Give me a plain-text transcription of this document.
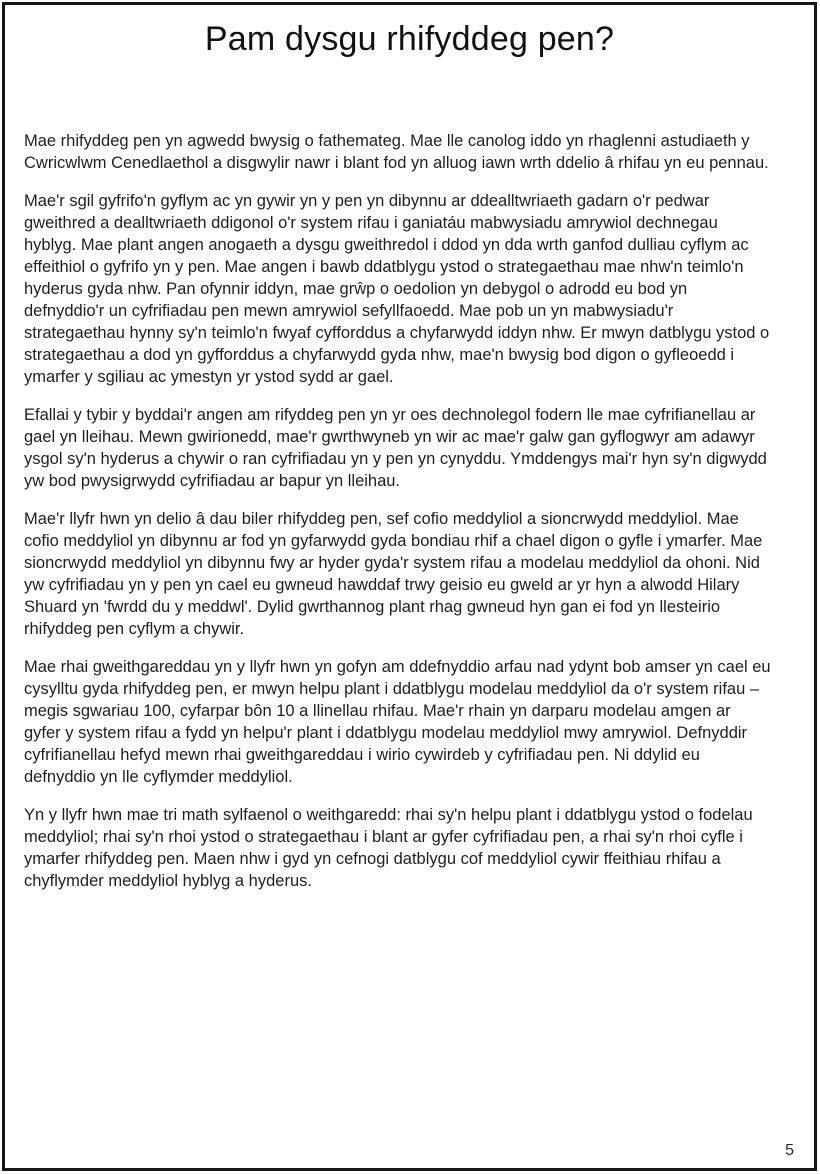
Pam dysgu rhifyddeg pen?

Mae rhifyddeg pen yn agwedd bwysig o fathemateg. Mae lle canolog iddo yn rhaglenni astudiaeth y Cwricwlwm Cenedlaethol a disgwylir nawr i blant fod yn alluog iawn wrth ddelio â rhifau yn eu pennau.

Mae'r sgil gyfrifo'n gyflym ac yn gywir yn y pen yn dibynnu ar ddealltwriaeth gadarn o'r pedwar gweithred a dealltwriaeth ddigonol o'r system rifau i ganiatáu mabwysiadu amrywiol dechnegau hyblyg. Mae plant angen anogaeth a dysgu gweithredol i ddod yn dda wrth ganfod dulliau cyflym ac effeithiol o gyfrifo yn y pen. Mae angen i bawb ddatblygu ystod o strategaethau mae nhw'n teimlo'n hyderus gyda nhw. Pan ofynnir iddyn, mae grŵp o oedolion yn debygol o adrodd eu bod yn defnyddio'r un cyfrifiadau pen mewn amrywiol sefyllfaoedd. Mae pob un yn mabwysiadu'r strategaethau hynny sy'n teimlo'n fwyaf cyfforddus a chyfarwydd iddyn nhw. Er mwyn datblygu ystod o strategaethau a dod yn gyfforddus a chyfarwydd gyda nhw, mae'n bwysig bod digon o gyfleoedd i ymarfer y sgiliau ac ymestyn yr ystod sydd ar gael.

Efallai y tybir y byddai'r angen am rifyddeg pen yn yr oes dechnolegol fodern lle mae cyfrifianellau ar gael yn lleihau. Mewn gwirionedd, mae'r gwrthwyneb yn wir ac mae'r galw gan gyflogwyr am adawyr ysgol sy'n hyderus a chywir o ran cyfrifiadau yn y pen yn cynyddu. Ymddengys mai'r hyn sy'n digwydd yw bod pwysigrwydd cyfrifiadau ar bapur yn lleihau.

Mae'r llyfr hwn yn delio â dau biler rhifyddeg pen, sef cofio meddyliol a sioncrwydd meddyliol. Mae cofio meddyliol yn dibynnu ar fod yn gyfarwydd gyda bondiau rhif a chael digon o gyfle i ymarfer. Mae sioncrwydd meddyliol yn dibynnu fwy ar hyder gyda'r system rifau a modelau meddyliol da ohoni. Nid yw cyfrifiadau yn y pen yn cael eu gwneud hawddaf trwy geisio eu gweld ar yr hyn a alwodd Hilary Shuard yn 'fwrdd du y meddwl'. Dylid gwrthannog plant rhag gwneud hyn gan ei fod yn llesteirio rhifyddeg pen cyflym a chywir.

Mae rhai gweithgareddau yn y llyfr hwn yn gofyn am ddefnyddio arfau nad ydynt bob amser yn cael eu cysylltu gyda rhifyddeg pen, er mwyn helpu plant i ddatblygu modelau meddyliol da o'r system rifau – megis sgwariau 100, cyfarpar bôn 10 a llinellau rhifau. Mae'r rhain yn darparu modelau amgen ar gyfer y system rifau a fydd yn helpu'r plant i ddatblygu modelau meddyliol mwy amrywiol. Defnyddir cyfrifianellau hefyd mewn rhai gweithgareddau i wirio cywirdeb y cyfrifiadau pen. Ni ddylid eu defnyddio yn lle cyflymder meddyliol.

Yn y llyfr hwn mae tri math sylfaenol o weithgaredd: rhai sy'n helpu plant i ddatblygu ystod o fodelau meddyliol; rhai sy'n rhoi ystod o strategaethau i blant ar gyfer cyfrifiadau pen, a rhai sy'n rhoi cyfle i ymarfer rhifyddeg pen. Maen nhw i gyd yn cefnogi datblygu cof meddyliol cywir ffeithiau rhifau a chyflymder meddyliol hyblyg a hyderus.

5
